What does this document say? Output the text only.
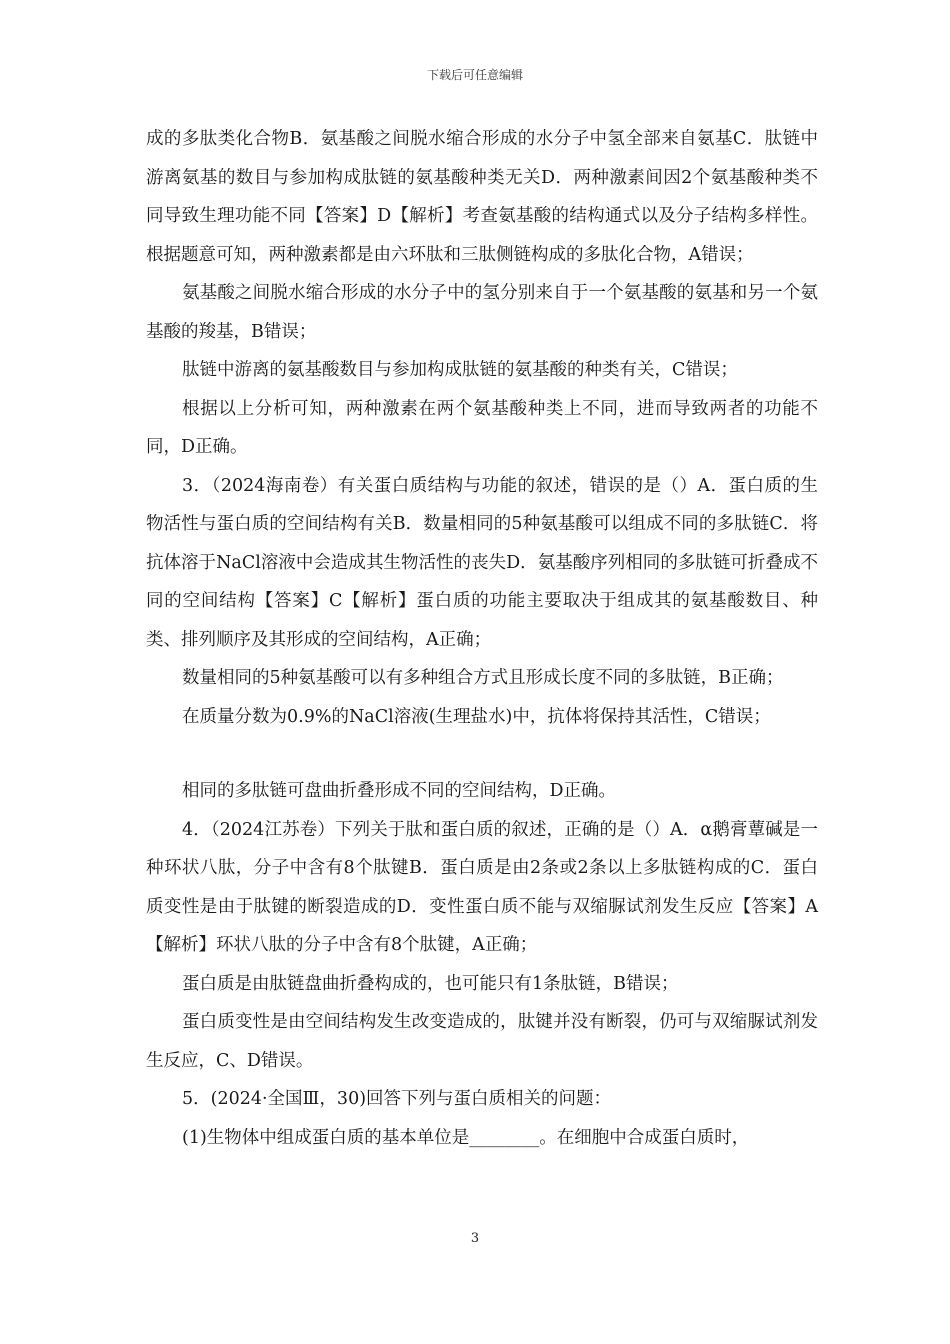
下载后可任意编辑

成的多肽类化合物B．氨基酸之间脱水缩合形成的水分子中氢全部来自氨基C．肽链中游离氨基的数目与参加构成肽链的氨基酸种类无关D．两种激素间因2个氨基酸种类不同导致生理功能不同【答案】D【解析】考查氨基酸的结构通式以及分子结构多样性。根据题意可知，两种激素都是由六环肽和三肽侧链构成的多肽化合物，A错误；

氨基酸之间脱水缩合形成的水分子中的氢分别来自于一个氨基酸的氨基和另一个氨基酸的羧基，B错误；

肽链中游离的氨基酸数目与参加构成肽链的氨基酸的种类有关，C错误；

根据以上分析可知，两种激素在两个氨基酸种类上不同，进而导致两者的功能不同，D正确。

3．（2024海南卷）有关蛋白质结构与功能的叙述，错误的是（）A．蛋白质的生物活性与蛋白质的空间结构有关B．数量相同的5种氨基酸可以组成不同的多肽链C．将抗体溶于NaCl溶液中会造成其生物活性的丧失D．氨基酸序列相同的多肽链可折叠成不同的空间结构【答案】C【解析】蛋白质的功能主要取决于组成其的氨基酸数目、种类、排列顺序及其形成的空间结构，A正确；

数量相同的5种氨基酸可以有多种组合方式且形成长度不同的多肽链，B正确；

在质量分数为0.9%的NaCl溶液(生理盐水)中，抗体将保持其活性，C错误；

相同的多肽链可盘曲折叠形成不同的空间结构，D正确。

4．（2024江苏卷）下列关于肽和蛋白质的叙述，正确的是（）A．α鹅膏蕈碱是一种环状八肽，分子中含有8个肽键B．蛋白质是由2条或2条以上多肽链构成的C．蛋白质变性是由于肽键的断裂造成的D．变性蛋白质不能与双缩脲试剂发生反应【答案】A【解析】环状八肽的分子中含有8个肽键，A正确；

蛋白质是由肽链盘曲折叠构成的，也可能只有1条肽链，B错误；

蛋白质变性是由空间结构发生改变造成的，肽键并没有断裂，仍可与双缩脲试剂发生反应，C、D错误。

5．(2024·全国Ⅲ，30)回答下列与蛋白质相关的问题：

(1)生物体中组成蛋白质的基本单位是________。在细胞中合成蛋白质时，

3
